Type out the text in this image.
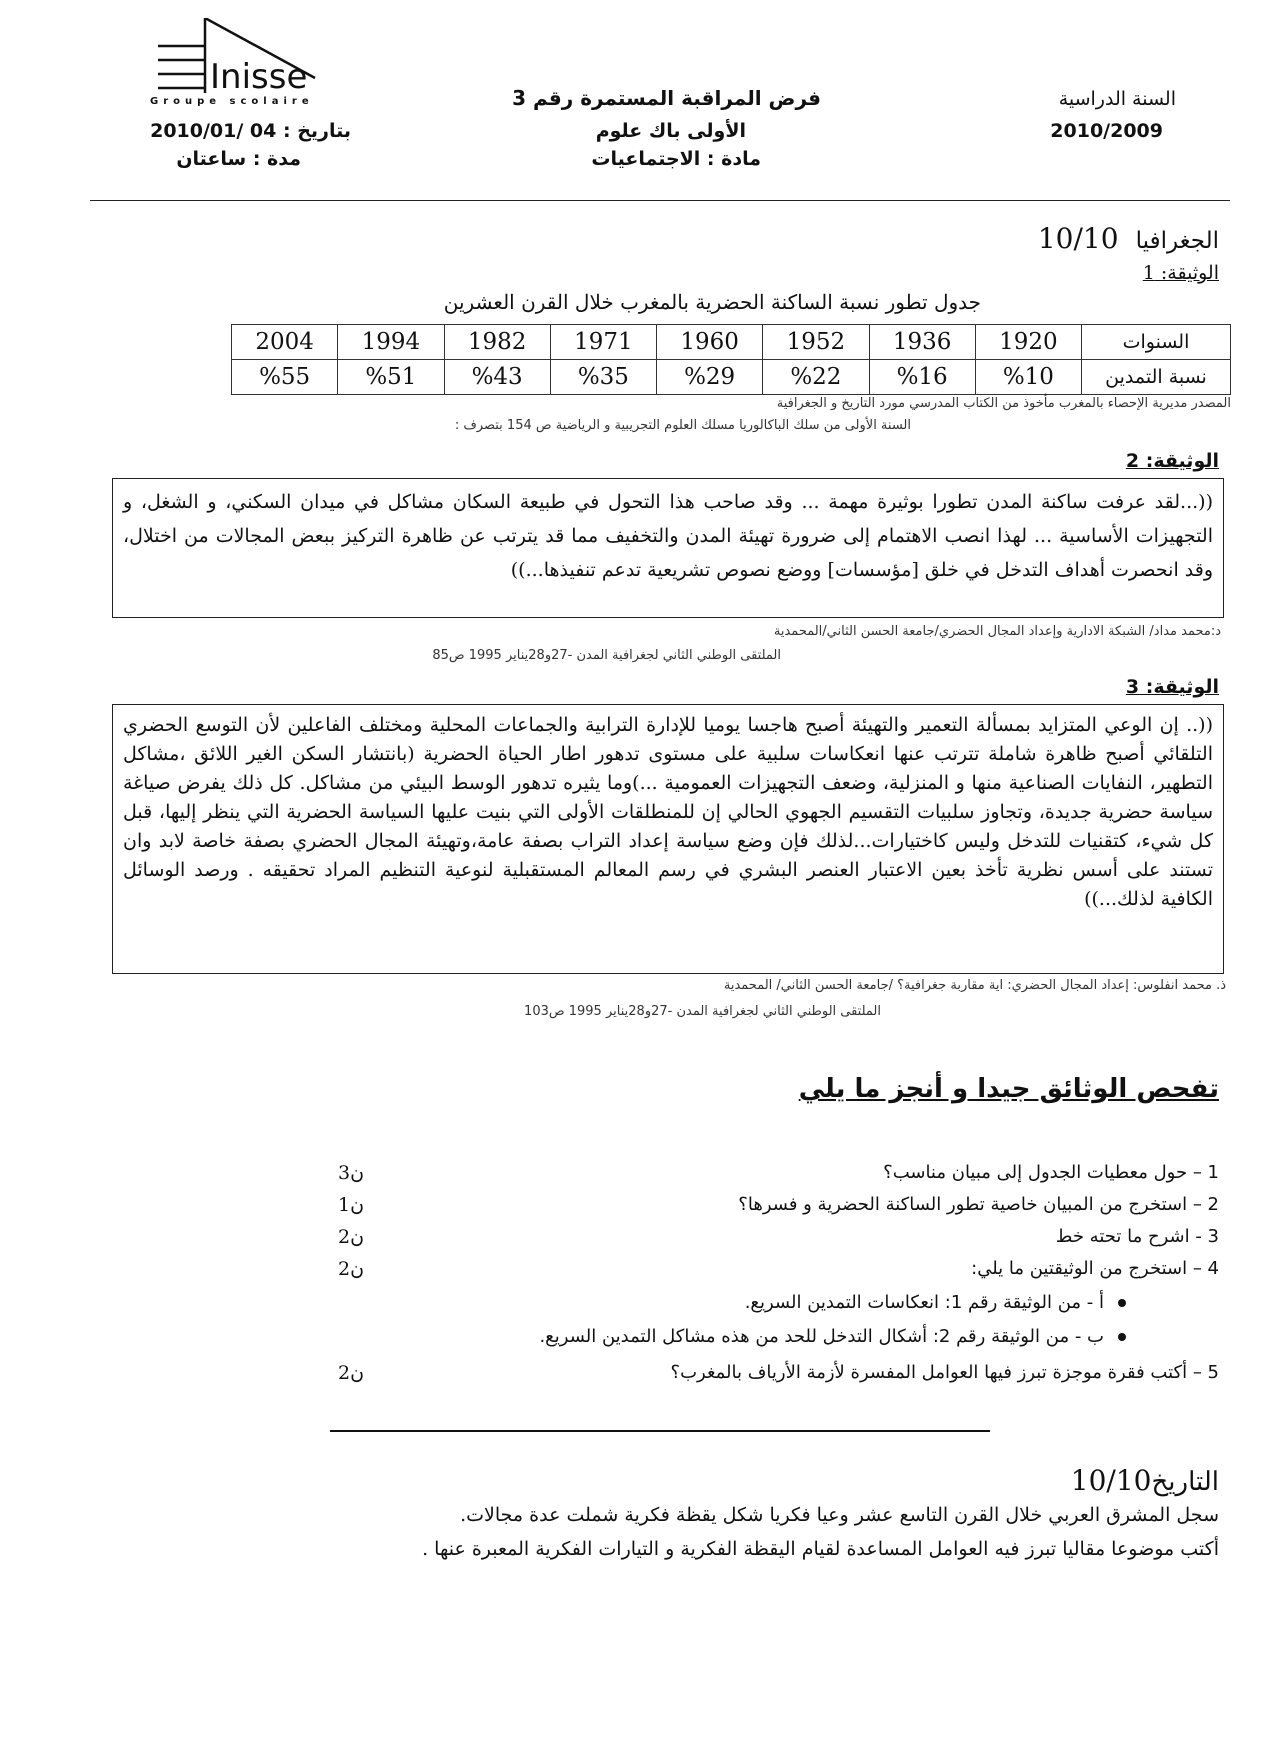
Inisse
Groupe scolaire	السنة الدراسية
2010/2009
فرض المراقبة المستمرة رقم 3
الأولى باك علوم
مادة : الاجتماعيات
بتاريخ : 04 /2010/01
مدة : ساعتان
الجغرافيا 10/10
الوثيقة: 1
جدول تطور نسبة الساكنة الحضرية بالمغرب خلال القرن العشرين
السنوات	1920	1936	1952	1960	1971	1982	1994	2004
نسبة التمدين	%10	%16	%22	%29	%35	%43	%51	%55
المصدر مديرية الإحصاء بالمغرب مأخوذ من الكتاب المدرسي مورد التاريخ و الجغرافية
السنة الأولى من سلك الباكالوريا مسلك العلوم التجريبية و الرياضية ص 154 بتصرف :
الوثيقة: 2
((...لقد عرفت ساكنة المدن تطورا بوثيرة مهمة ... وقد صاحب هذا التحول في طبيعة السكان مشاكل في ميدان السكني، و الشغل، و التجهيزات الأساسية ... لهذا انصب الاهتمام إلى ضرورة تهيئة المدن والتخفيف مما قد يترتب عن ظاهرة التركيز ببعض المجالات من اختلال، وقد انحصرت أهداف التدخل في خلق [مؤسسات] ووضع نصوص تشريعية تدعم تنفيذها...))
د:محمد مداد/ الشبكة الادارية وإعداد المجال الحضري/جامعة الحسن الثاني/المحمدية
الملتقى الوطني الثاني لجغرافية المدن -27و28يناير 1995 ص85
الوثيقة: 3
((.. إن الوعي المتزايد بمسألة التعمير والتهيئة أصبح هاجسا يوميا للإدارة الترابية والجماعات المحلية ومختلف الفاعلين لأن التوسع الحضري التلقائي أصبح ظاهرة شاملة تترتب عنها انعكاسات سلبية على مستوى تدهور اطار الحياة الحضرية (بانتشار السكن الغير اللائق ،مشاكل التطهير، النفايات الصناعية منها و المنزلية، وضعف التجهيزات العمومية ...)وما يثيره تدهور الوسط البيئي من مشاكل. كل ذلك يفرض صياغة سياسة حضرية جديدة، وتجاوز سلبيات التقسيم الجهوي الحالي إن للمنطلقات الأولى التي بنيت عليها السياسة الحضرية التي ينظر إليها، قبل كل شيء، كتقنيات للتدخل وليس كاختيارات...لذلك فإن وضع سياسة إعداد التراب بصفة عامة،وتهيئة المجال الحضري بصفة خاصة لابد وان تستند على أسس نظرية تأخذ بعين الاعتبار العنصر البشري في رسم المعالم المستقبلية لنوعية التنظيم المراد تحقيقه . ورصد الوسائل الكافية لذلك...))
ذ. محمد انفلوس: إعداد المجال الحضري: اية مقاربة جغرافية؟ /جامعة الحسن الثاني/ المحمدية
الملتقى الوطني الثاني لجغرافية المدن -27و28يناير 1995 ص103
تفحص الوثائق جيدا و أنجز ما يلي
1 – حول معطيات الجدول إلى مبيان مناسب؟
3ن
2 – استخرج من المبيان خاصية تطور الساكنة الحضرية و فسرها؟
1ن
3 - اشرح ما تحته خط
2ن
4 – استخرج من الوثيقتين ما يلي:
2ن
أ - من الوثيقة رقم 1: انعكاسات التمدين السريع.
ب - من الوثيقة رقم 2: أشكال التدخل للحد من هذه مشاكل التمدين السريع.
5 – أكتب فقرة موجزة تبرز فيها العوامل المفسرة لأزمة الأرياف بالمغرب؟
2ن
التاريخ10/10
سجل المشرق العربي خلال القرن التاسع عشر وعيا فكريا شكل يقظة فكرية شملت عدة مجالات.
أكتب موضوعا مقاليا تبرز فيه العوامل المساعدة لقيام اليقظة الفكرية و التيارات الفكرية المعبرة عنها .
